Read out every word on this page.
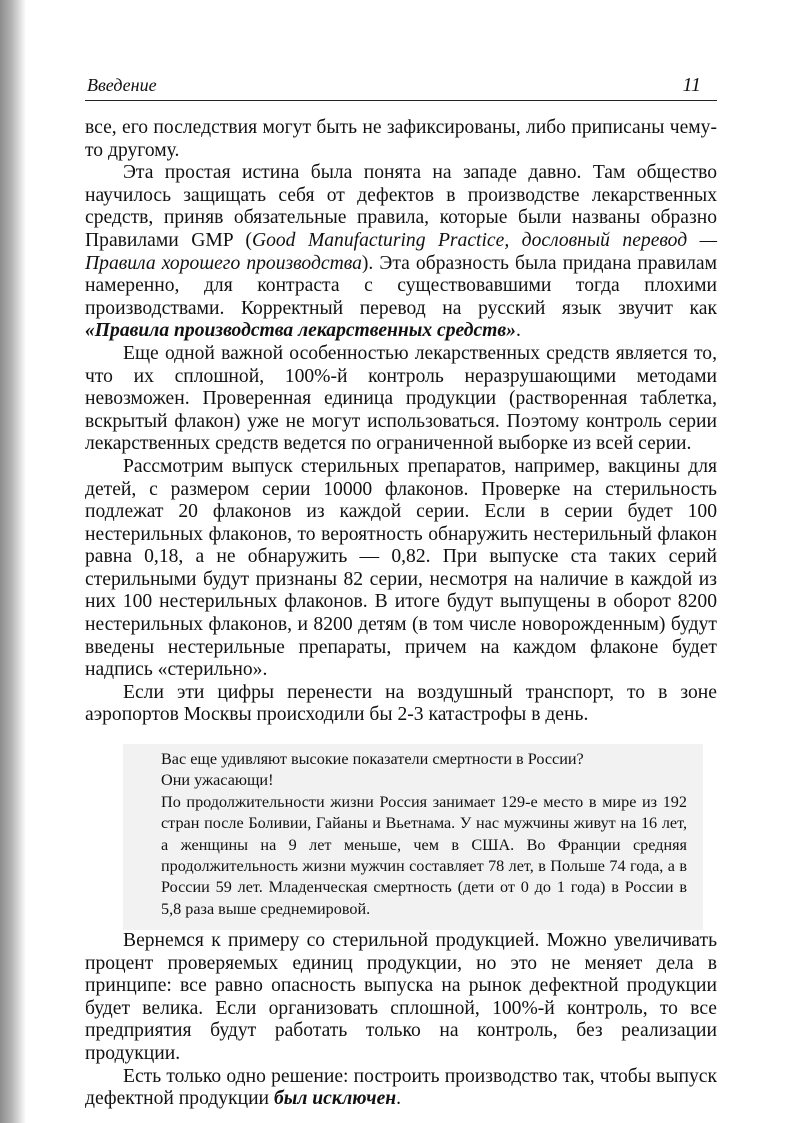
Введение	11

все, его последствия могут быть не зафиксированы, либо приписаны чему-то другому.

Эта простая истина была понята на западе давно. Там общество научилось защищать себя от дефектов в производстве лекарственных средств, приняв обязательные правила, которые были названы образно Правилами GMP (Good Manufacturing Practice, дословный перевод — Правила хорошего производства). Эта образность была придана правилам намеренно, для контраста с существовавшими тогда плохими производствами. Корректный перевод на русский язык звучит как «Правила производства лекарственных средств».

Еще одной важной особенностью лекарственных средств является то, что их сплошной, 100%-й контроль неразрушающими методами невозможен. Проверенная единица продукции (растворенная таблетка, вскрытый флакон) уже не могут использоваться. Поэтому контроль серии лекарственных средств ведется по ограниченной выборке из всей серии.

Рассмотрим выпуск стерильных препаратов, например, вакцины для детей, с размером серии 10000 флаконов. Проверке на стерильность подлежат 20 флаконов из каждой серии. Если в серии будет 100 нестерильных флаконов, то вероятность обнаружить нестерильный флакон равна 0,18, а не обнаружить — 0,82. При выпуске ста таких серий стерильными будут признаны 82 серии, несмотря на наличие в каждой из них 100 нестерильных флаконов. В итоге будут выпущены в оборот 8200 нестерильных флаконов, и 8200 детям (в том числе новорожденным) будут введены нестерильные препараты, причем на каждом флаконе будет надпись «стерильно».

Если эти цифры перенести на воздушный транспорт, то в зоне аэропортов Москвы происходили бы 2-3 катастрофы в день.

Вас еще удивляют высокие показатели смертности в России?

Они ужасающи!

По продолжительности жизни Россия занимает 129-е место в мире из 192 стран после Боливии, Гайаны и Вьетнама. У нас мужчины живут на 16 лет, а женщины на 9 лет меньше, чем в США. Во Франции средняя продолжительность жизни мужчин составляет 78 лет, в Польше 74 года, а в России 59 лет. Младенческая смертность (дети от 0 до 1 года) в России в 5,8 раза выше среднемировой.

Вернемся к примеру со стерильной продукцией. Можно увеличивать процент проверяемых единиц продукции, но это не меняет дела в принципе: все равно опасность выпуска на рынок дефектной продукции будет велика. Если организовать сплошной, 100%-й контроль, то все предприятия будут работать только на контроль, без реализации продукции.

Есть только одно решение: построить производство так, чтобы выпуск дефектной продукции был исключен.
